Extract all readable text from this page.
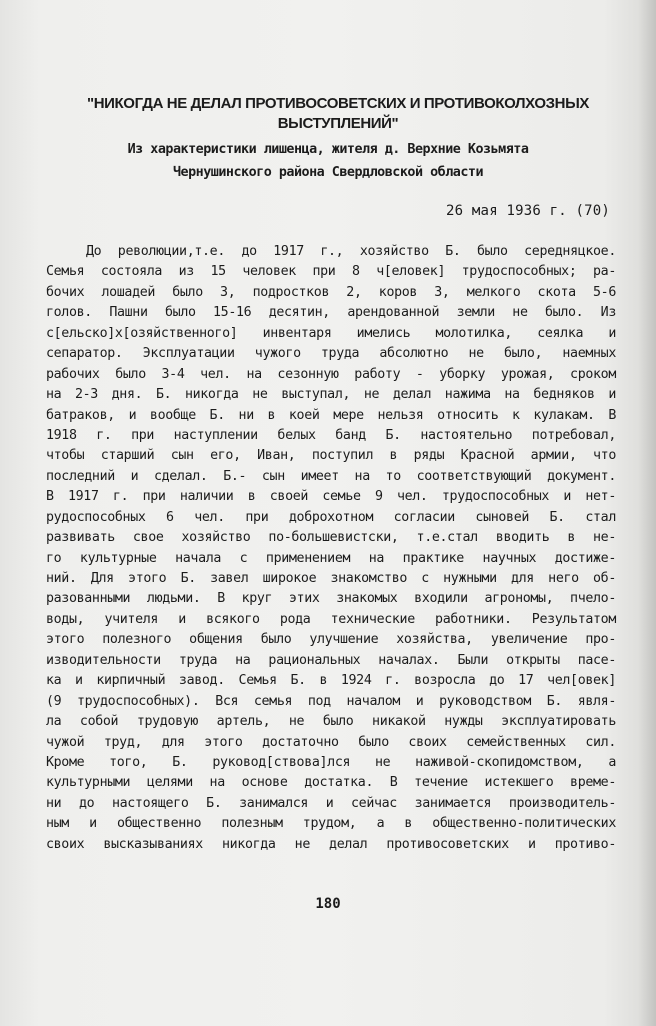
"НИКОГДА НЕ ДЕЛАЛ ПРОТИВОСОВЕТСКИХ И ПРОТИВОКОЛХОЗНЫХ
ВЫСТУПЛЕНИЙ"
Из характеристики лишенца, жителя д. Верхние Козьмята
Чернушинского района Свердловской области
26 мая 1936 г. (70)
До революции,т.е. до 1917 г., хозяйство Б. было середняцкое.
Семья состояла из 15 человек при 8 ч[еловек] трудоспособных; ра-
бочих лошадей было 3, подростков 2, коров 3, мелкого скота 5-6
голов. Пашни было 15-16 десятин, арендованной земли не было. Из
с[ельско]х[озяйственного] инвентаря имелись молотилка, сеялка и
сепаратор. Эксплуатации чужого труда абсолютно не было, наемных
рабочих было 3-4 чел. на сезонную работу - уборку урожая, сроком
на 2-3 дня. Б. никогда не выступал, не делал нажима на бедняков и
батраков, и вообще Б. ни в коей мере нельзя относить к кулакам. В
1918 г. при наступлении белых банд Б. настоятельно потребовал,
чтобы старший сын его, Иван, поступил в ряды Красной армии, что
последний и сделал. Б.- сын имеет на то соответствующий документ.
В 1917 г. при наличии в своей семье 9 чел. трудоспособных и нет-
рудоспособных 6 чел. при доброхотном согласии сыновей Б. стал
развивать свое хозяйство по-большевистски, т.е.стал вводить в не-
го культурные начала с применением на практике научных достиже-
ний. Для этого Б. завел широкое знакомство с нужными для него об-
разованными людьми. В круг этих знакомых входили агрономы, пчело-
воды, учителя и всякого рода технические работники. Результатом
этого полезного общения было улучшение хозяйства, увеличение про-
изводительности труда на рациональных началах. Были открыты пасе-
ка и кирпичный завод. Семья Б. в 1924 г. возросла до 17 чел[овек]
(9 трудоспособных). Вся семья под началом и руководством Б. явля-
ла собой трудовую артель, не было никакой нужды эксплуатировать
чужой труд, для этого достаточно было своих семейственных сил.
Кроме того, Б. руковод[ствова]лся не наживой-скопидомством, а
культурными целями на основе достатка. В течение истекшего време-
ни до настоящего Б. занимался и сейчас занимается производитель-
ным и общественно полезным трудом, а в общественно-политических
своих высказываниях никогда не делал противосоветских и противо-
180
